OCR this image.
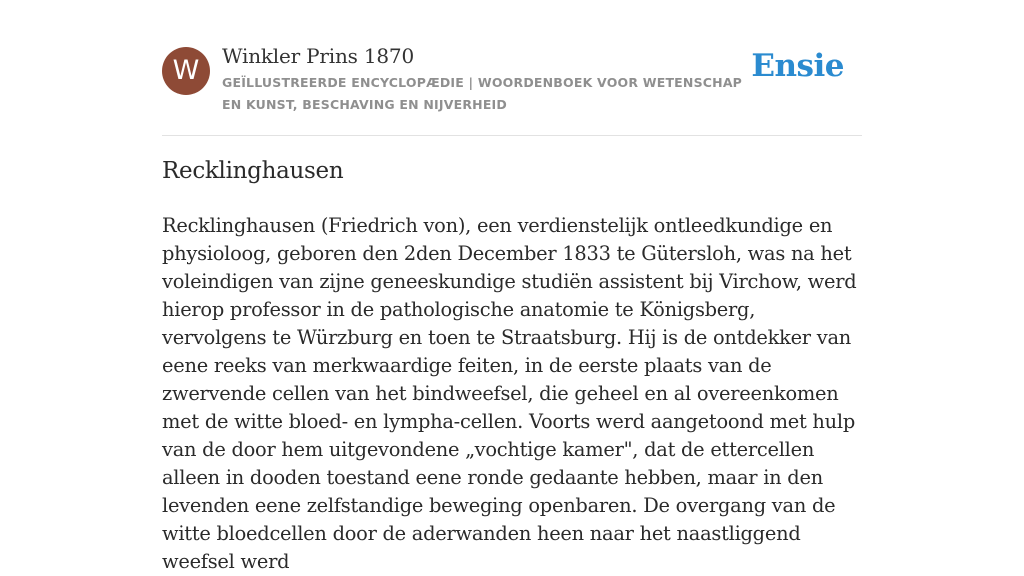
W	Winkler Prins 1870
GEÏLLUSTREERDE ENCYCLOPÆDIE | WOORDENBOEK VOOR WETENSCHAP EN KUNST, BESCHAVING EN NIJVERHEID
Ensie
Recklinghausen

Recklinghausen (Friedrich von), een verdienstelijk ontleedkundige en physioloog, geboren den 2den December 1833 te Gütersloh, was na het voleindigen van zijne geneeskundige studiën assistent bij Virchow, werd hierop professor in de pathologische anatomie te Königsberg, vervolgens te Würzburg en toen te Straatsburg. Hij is de ontdekker van eene reeks van merkwaardige feiten, in de eerste plaats van de zwervende cellen van het bindweefsel, die geheel en al overeenkomen met de witte bloed- en lympha-cellen. Voorts werd aangetoond met hulp van de door hem uitgevondene „vochtige kamer", dat de ettercellen alleen in dooden toestand eene ronde gedaante hebben, maar in den levenden eene zelfstandige beweging openbaren. De overgang van de witte bloedcellen door de aderwanden heen naar het naastliggend weefsel werd
